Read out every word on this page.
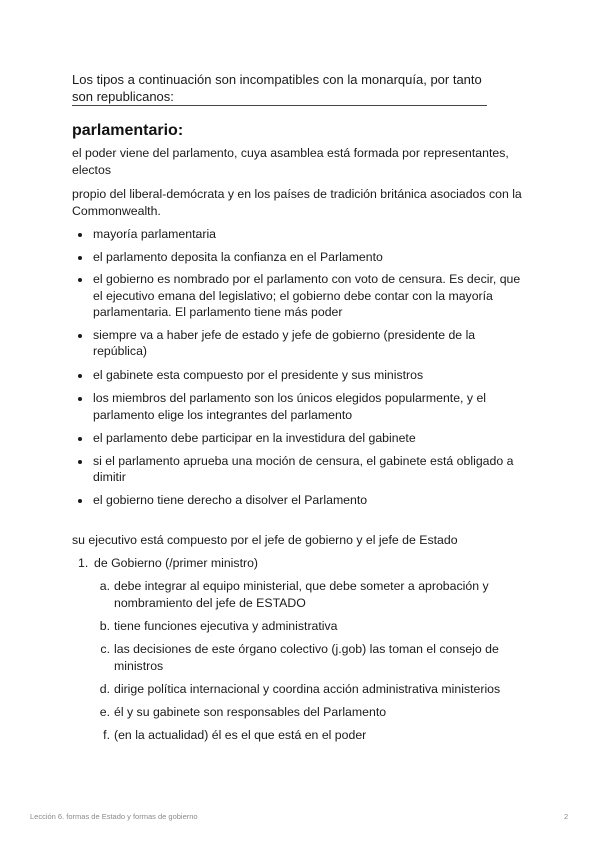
Los tipos a continuación son incompatibles con la monarquía, por tanto son republicanos:
parlamentario:
el poder viene del parlamento, cuya asamblea está formada por representantes, electos
propio del liberal-demócrata y en los países de tradición británica asociados con la Commonwealth.
mayoría parlamentaria
el parlamento deposita la confianza en el Parlamento
el gobierno es nombrado por el parlamento con voto de censura. Es decir, que el ejecutivo emana del legislativo; el gobierno debe contar con la mayoría parlamentaria. El parlamento tiene más poder
siempre va a haber jefe de estado y jefe de gobierno (presidente de la república)
el gabinete esta compuesto por el presidente y sus ministros
los miembros del parlamento son los únicos elegidos popularmente, y el parlamento elige los integrantes del parlamento
el parlamento debe participar en la investidura del gabinete
si el parlamento aprueba una moción de censura, el gabinete está obligado a dimitir
el gobierno tiene derecho a disolver el Parlamento
su ejecutivo está compuesto por el jefe de gobierno y el jefe de Estado
1. de Gobierno (/primer ministro)
a. debe integrar al equipo ministerial, que debe someter a aprobación y nombramiento del jefe de ESTADO
b. tiene funciones ejecutiva y administrativa
c. las decisiones de este órgano colectivo (j.gob) las toman el consejo de ministros
d. dirige política internacional y coordina acción administrativa ministerios
e. él y su gabinete son responsables del Parlamento
f. (en la actualidad) él es el que está en el poder
Lección 6. formas de Estado y formas de gobierno	2
